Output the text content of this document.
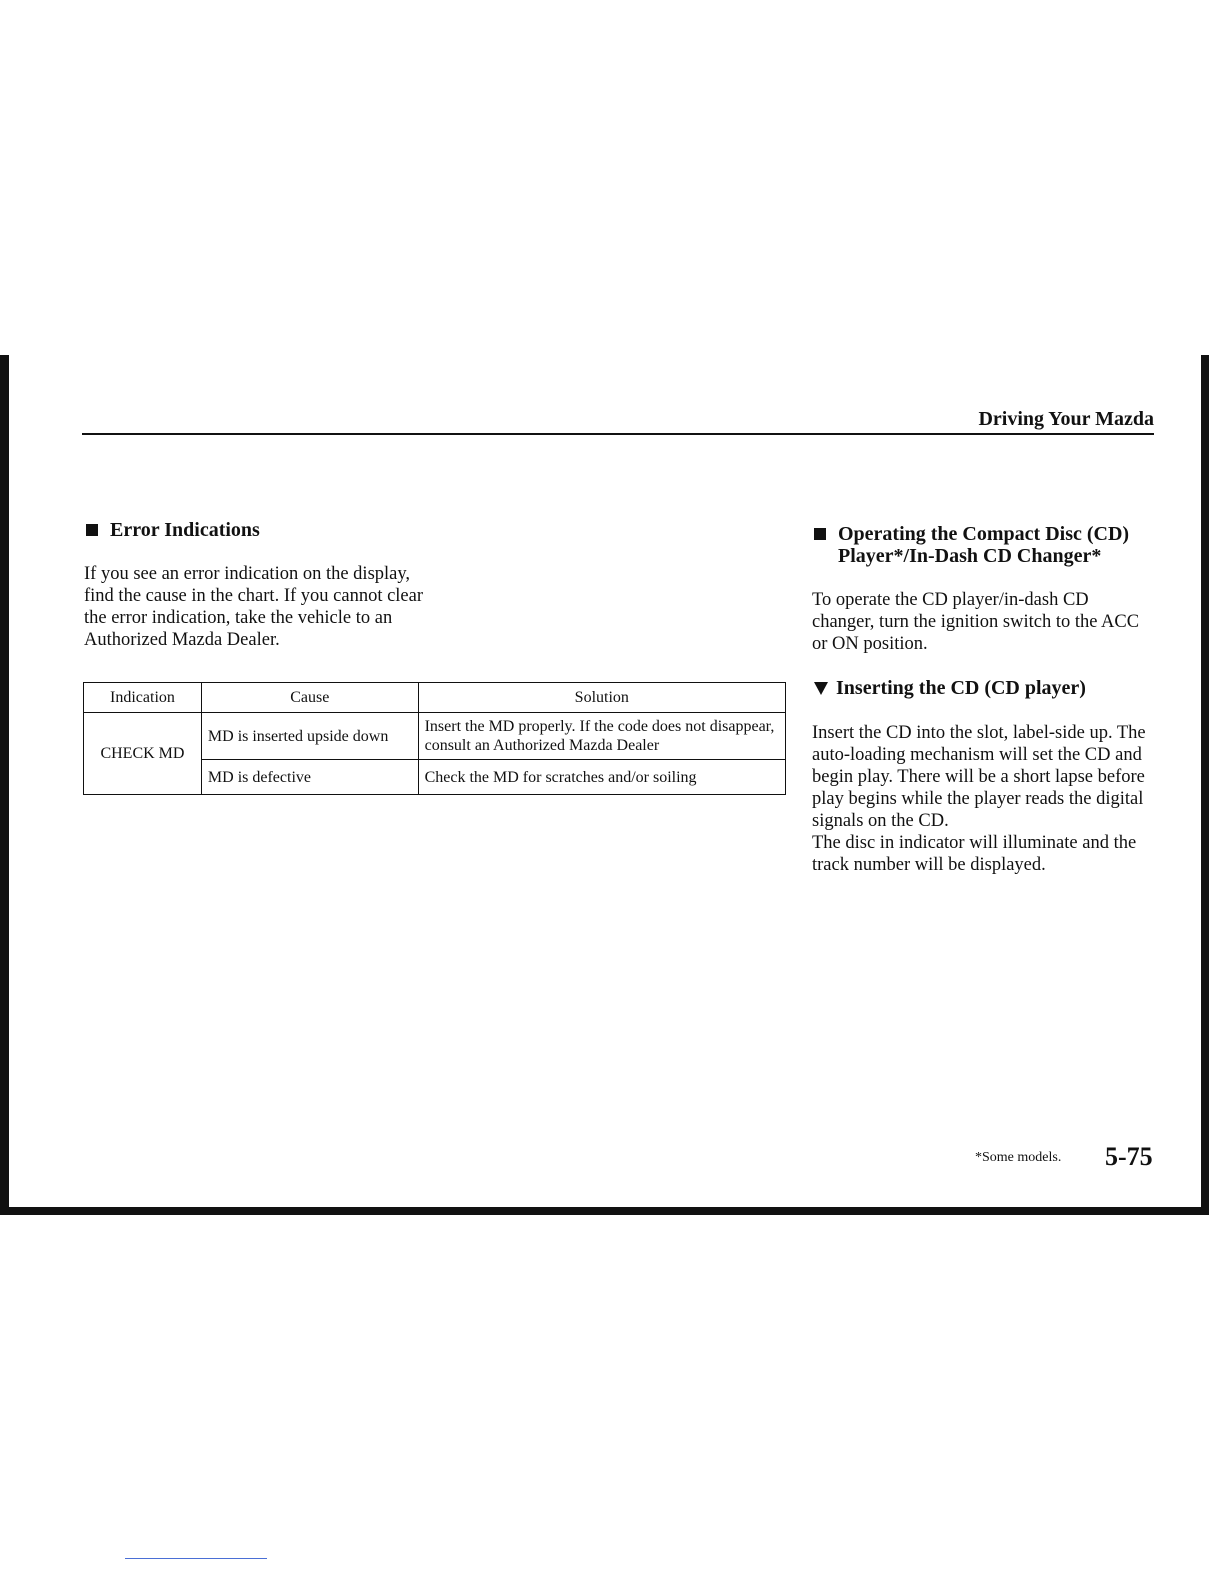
Driving Your Mazda
Error Indications

If you see an error indication on the display, find the cause in the chart. If you cannot clear the error indication, take the vehicle to an Authorized Mazda Dealer.

Indication	Cause	Solution
CHECK MD	MD is inserted upside down	Insert the MD properly. If the code does not disappear, consult an Authorized Mazda Dealer
	MD is defective	Check the MD for scratches and/or soiling
Operating the Compact Disc (CD)
Player*/In-Dash CD Changer*

To operate the CD player/in-dash CD changer, turn the ignition switch to the ACC or ON position.

Inserting the CD (CD player)

Insert the CD into the slot, label-side up. The auto-loading mechanism will set the CD and begin play. There will be a short lapse before play begins while the player reads the digital signals on the CD.

The disc in indicator will illuminate and the track number will be displayed.

*Some models. 5-75
